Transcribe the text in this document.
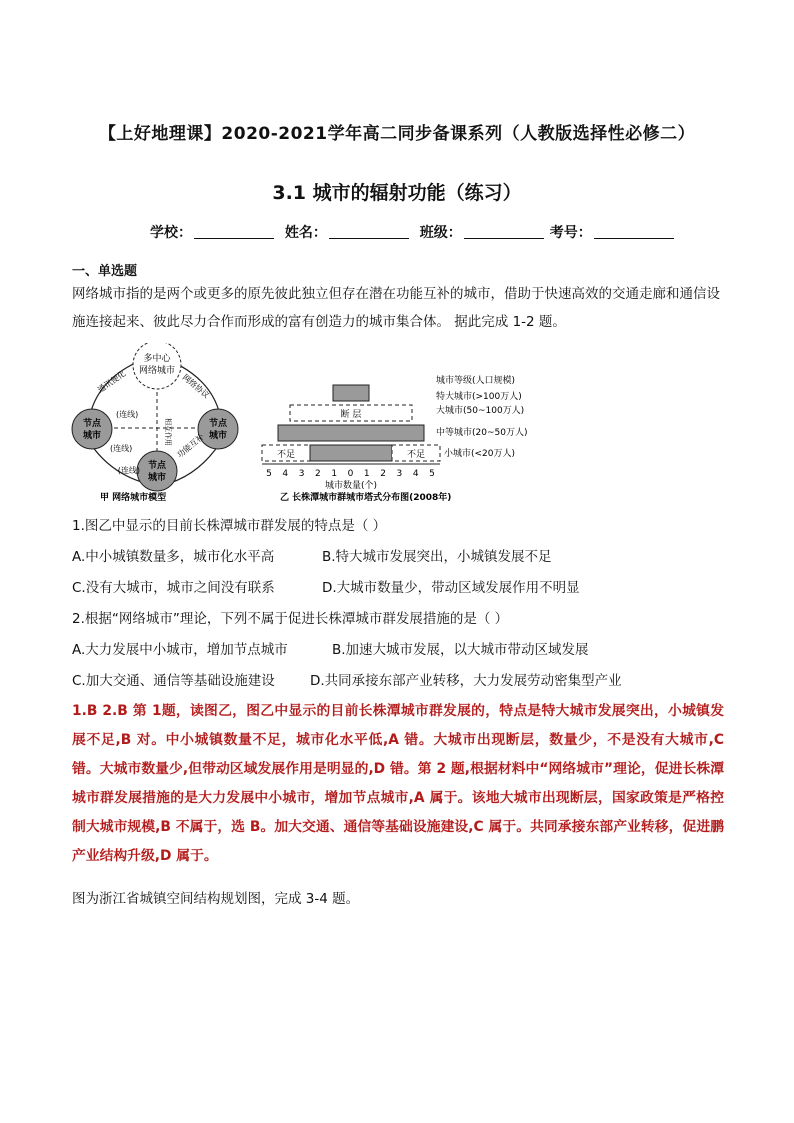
【上好地理课】2020-2021学年高二同步备课系列（人教版选择性必修二）
3.1 城市的辐射功能（练习）
学校：	姓名：	班级：	考号：
一、单选题
网络城市指的是两个或更多的原先彼此独立但存在潜在功能互补的城市，借助于快速高效的交通走廊和通信设施连接起来、彼此尽力合作而形成的富有创造力的城市集合体。 据此完成 1-2 题。
多中心
网络城市
节点
城市
节点
城市
节点
城市
通讯便化	网络协议
(连线)
(连线)
(连线)
相互作用 功能互补
甲 网络城市模型
断 层
不足	不足
5 4 3 2 1 0 1 2 3 4 5
城市数量(个)
乙 长株潭城市群城市塔式分布图(2008年)
城市等级(人口规模)
特大城市(>100万人)
大城市(50~100万人)
中等城市(20~50万人)
小城市(<20万人)
1.图乙中显示的目前长株潭城市群发展的特点是（ ）
A.中小城镇数量多，城市化水平高	B.特大城市发展突出，小城镇发展不足
C.没有大城市，城市之间没有联系	D.大城市数量少，带动区域发展作用不明显
2.根据“网络城市”理论，下列不属于促进长株潭城市群发展措施的是（ ）
A.大力发展中小城市，增加节点城市	B.加速大城市发展，以大城市带动区域发展
C.加大交通、通信等基础设施建设	D.共同承接东部产业转移，大力发展劳动密集型产业
1.B 2.B 第 1题，读图乙，图乙中显示的目前长株潭城市群发展的，特点是特大城市发展突出，小城镇发展不足,B 对。中小城镇数量不足，城市化水平低,A 错。大城市出现断层，数量少，不是没有大城市,C 错。大城市数量少,但带动区域发展作用是明显的,D 错。第 2 题,根据材料中“网络城市”理论，促进长株潭城市群发展措施的是大力发展中小城市，增加节点城市,A 属于。该地大城市出现断层，国家政策是严格控制大城市规模,B 不属于，选 B。加大交通、通信等基础设施建设,C 属于。共同承接东部产业转移，促进鹏产业结构升级,D 属于。
图为浙江省城镇空间结构规划图，完成 3-4 题。
